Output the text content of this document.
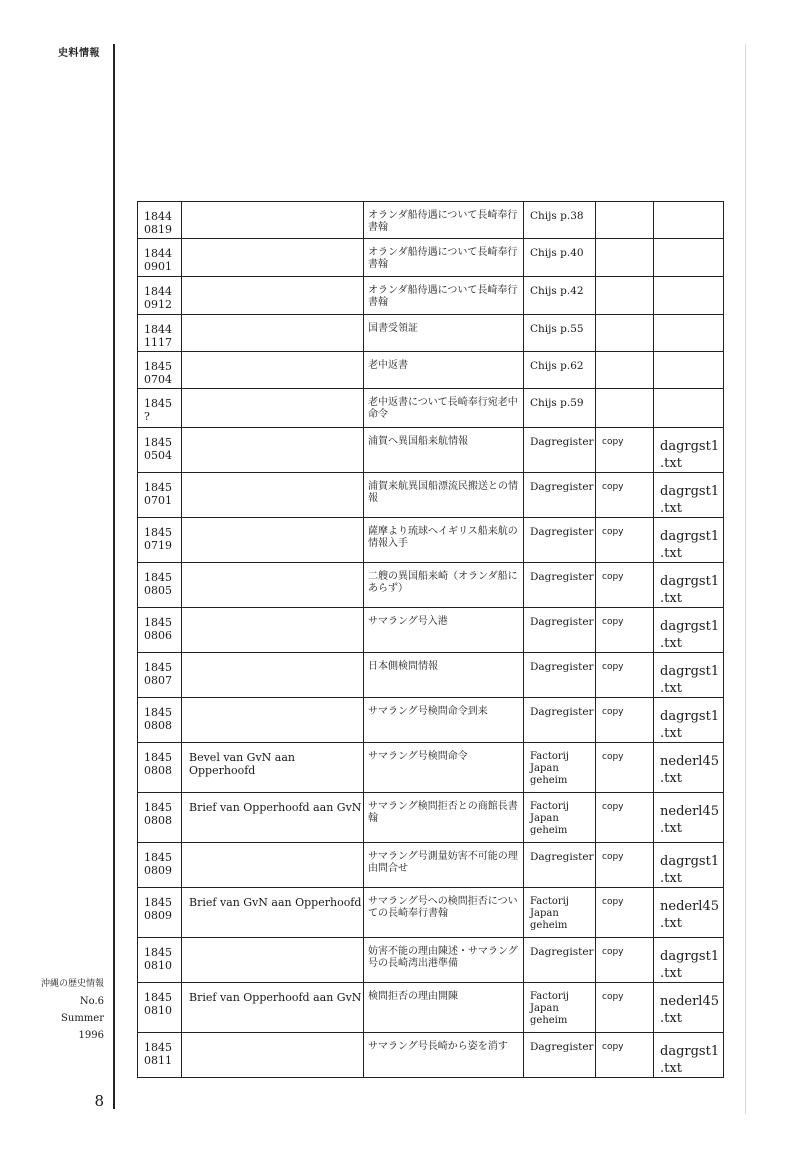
史料情報
1844
0819		オランダ船待遇について長崎奉行書翰	Chijs p.38		

1844
0901		オランダ船待遇について長崎奉行書翰	Chijs p.40		

1844
0912		オランダ船待遇について長崎奉行書翰	Chijs p.42		

1844
1117		国書受領証	Chijs p.55		

1845
0704		老中返書	Chijs p.62		

1845
?		老中返書について長崎奉行宛老中命令	Chijs p.59		

1845
0504		浦賀へ異国船来航情報	Dagregister	copy	dagrgst1
.txt

1845
0701		浦賀来航異国船漂流民搬送との情報	Dagregister	copy	dagrgst1
.txt

1845
0719		薩摩より琉球へイギリス船来航の情報入手	Dagregister	copy	dagrgst1
.txt

1845
0805		二艘の異国船来崎（オランダ船にあらず）	Dagregister	copy	dagrgst1
.txt

1845
0806		サマラング号入港	Dagregister	copy	dagrgst1
.txt

1845
0807		日本側検問情報	Dagregister	copy	dagrgst1
.txt

1845
0808		サマラング号検問命令到来	Dagregister	copy	dagrgst1
.txt

1845
0808	Bevel van GvN aan Opperhoofd	サマラング号検問命令	Factorij
Japan
geheim	copy	nederl45
.txt

1845
0808	Brief van Opperhoofd aan GvN	サマラング検問拒否との商館長書翰	Factorij
Japan
geheim	copy	nederl45
.txt

1845
0809		サマラング号測量妨害不可能の理由問合せ	Dagregister	copy	dagrgst1
.txt

1845
0809	Brief van GvN aan Opperhoofd	サマラング号への検問拒否についての長崎奉行書翰	Factorij
Japan
geheim	copy	nederl45
.txt

1845
0810		妨害不能の理由陳述・サマラング号の長崎湾出港準備	Dagregister	copy	dagrgst1
.txt

1845
0810	Brief van Opperhoofd aan GvN	検問拒否の理由開陳	Factorij
Japan
geheim	copy	nederl45
.txt

1845
0811		サマラング号長崎から姿を消す	Dagregister	copy	dagrgst1
.txt
沖縄の歴史情報
No.6
Summer
1996
8
